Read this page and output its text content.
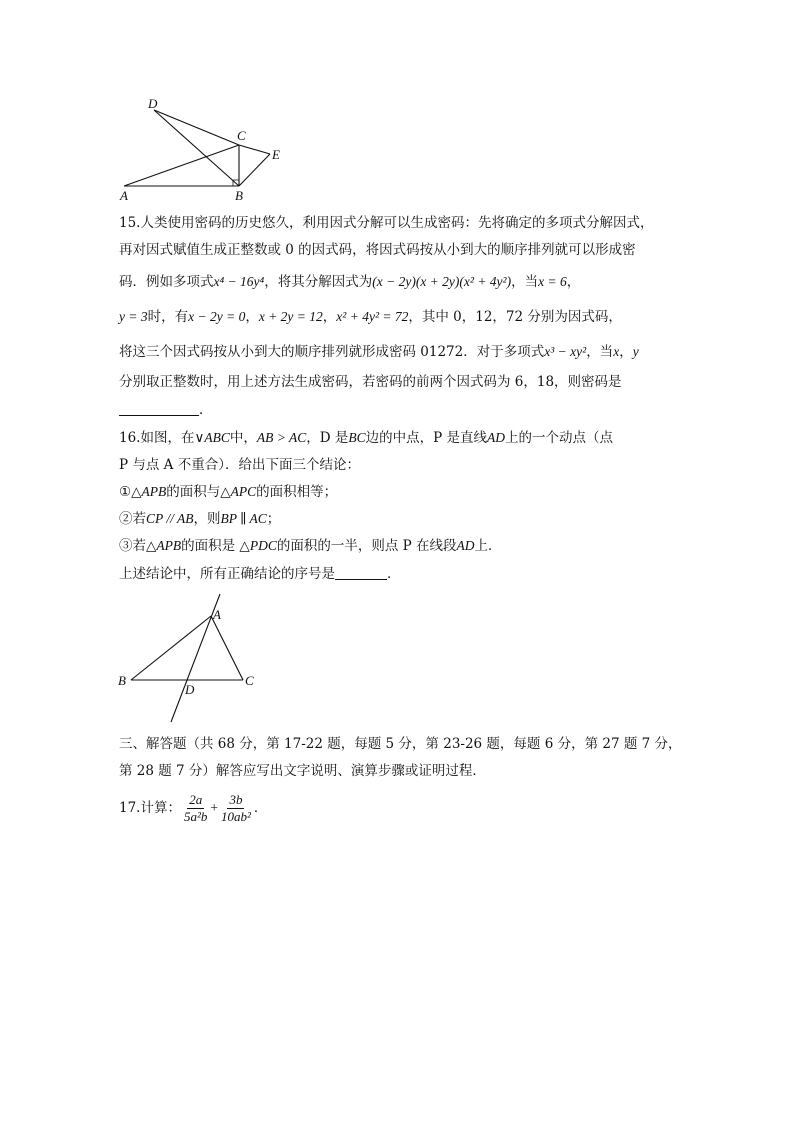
D
C
E
A	B
15.人类使用密码的历史悠久，利用因式分解可以生成密码：先将确定的多项式分解因式，
再对因式赋值生成正整数或 0 的因式码，将因式码按从小到大的顺序排列就可以形成密
码．例如多项式x⁴ − 16y⁴，将其分解因式为(x − 2y)(x + 2y)(x² + 4y²)，当x = 6，
y = 3时，有x − 2y = 0，x + 2y = 12，x² + 4y² = 72，其中 0，12，72 分别为因式码，
将这三个因式码按从小到大的顺序排列就形成密码 01272．对于多项式x³ − xy²，当x，y
分别取正整数时，用上述方法生成密码，若密码的前两个因式码为 6，18，则密码是
．
16.如图，在∨ABC中，AB > AC，D 是BC边的中点，P 是直线AD上的一个动点（点
P 与点 A 不重合）．给出下面三个结论：
①△APB的面积与△APC的面积相等；
②若CP // AB，则BP ∥ AC；
③若△APB的面积是 △PDC的面积的一半，则点 P 在线段AD上．
上述结论中，所有正确结论的序号是	．
A
B	C
D
三、解答题（共 68 分，第 17-22 题，每题 5 分，第 23-26 题，每题 6 分，第 27 题 7 分，
第 28 题 7 分）解答应写出文字说明、演算步骤或证明过程．
17.计算： $\frac{2a}{\text{5a²b}} + \frac{3b}{\text{10ab²}}$ ．
